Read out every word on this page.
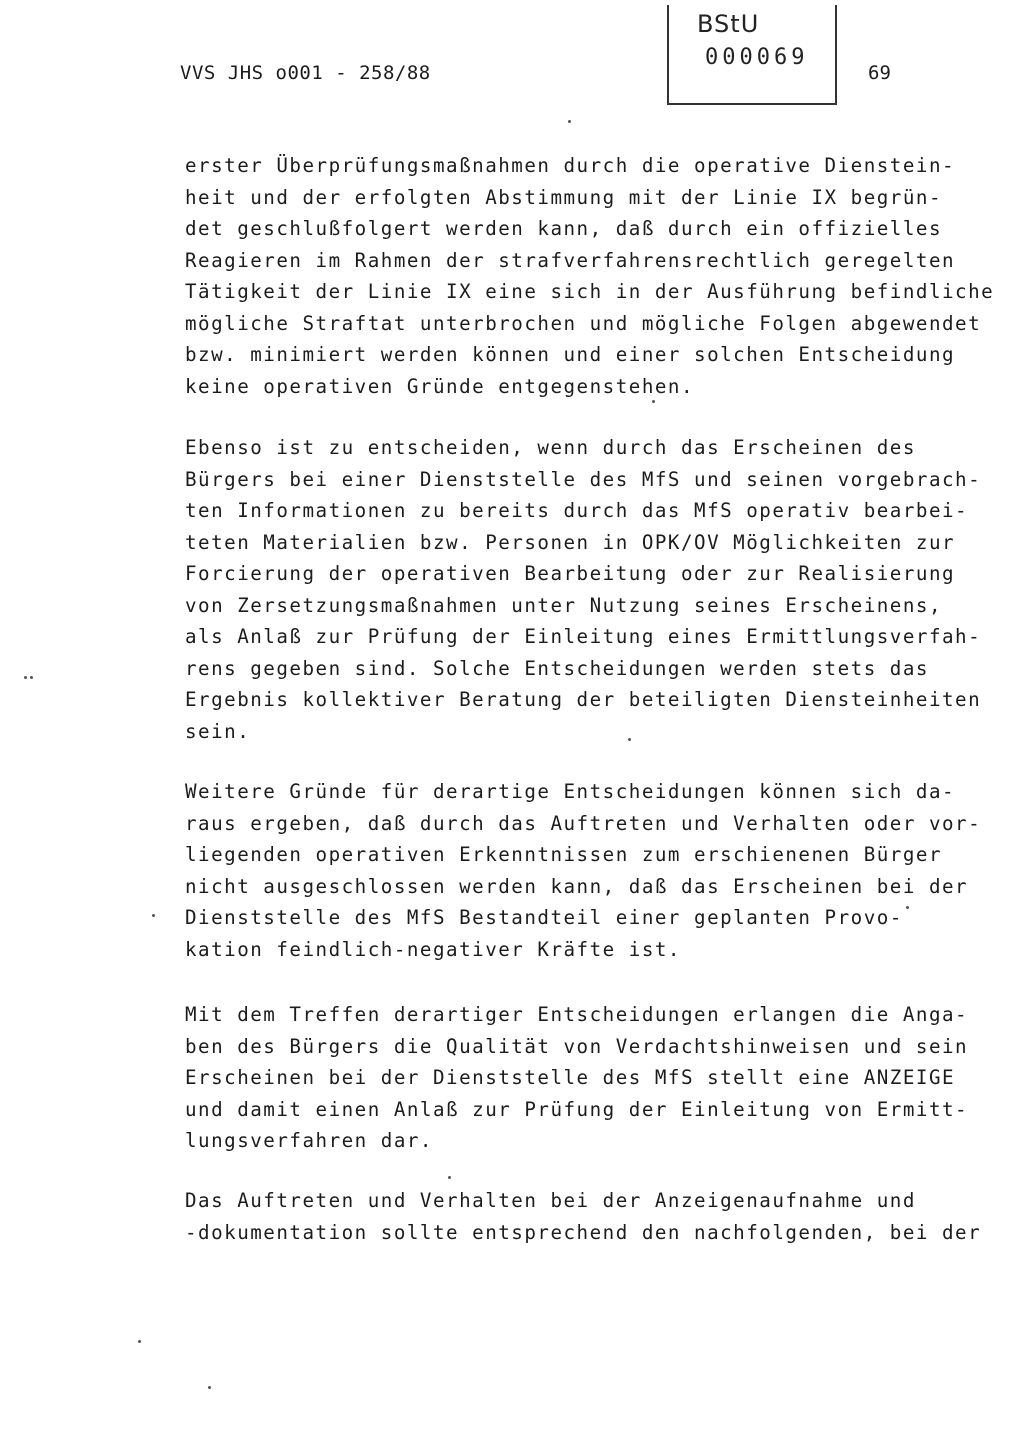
VVS JHS o001 - 258/88
BStU
000069
69
erster Überprüfungsmaßnahmen durch die operative Dienstein-
heit und der erfolgten Abstimmung mit der Linie IX begrün-
det geschlußfolgert werden kann, daß durch ein offizielles
Reagieren im Rahmen der strafverfahrensrechtlich geregelten
Tätigkeit der Linie IX eine sich in der Ausführung befindliche
mögliche Straftat unterbrochen und mögliche Folgen abgewendet
bzw. minimiert werden können und einer solchen Entscheidung
keine operativen Gründe entgegenstehen.
Ebenso ist zu entscheiden, wenn durch das Erscheinen des
Bürgers bei einer Dienststelle des MfS und seinen vorgebrach-
ten Informationen zu bereits durch das MfS operativ bearbei-
teten Materialien bzw. Personen in OPK/OV Möglichkeiten zur
Forcierung der operativen Bearbeitung oder zur Realisierung
von Zersetzungsmaßnahmen unter Nutzung seines Erscheinens,
als Anlaß zur Prüfung der Einleitung eines Ermittlungsverfah-
rens gegeben sind. Solche Entscheidungen werden stets das
Ergebnis kollektiver Beratung der beteiligten Diensteinheiten
sein.
Weitere Gründe für derartige Entscheidungen können sich da-
raus ergeben, daß durch das Auftreten und Verhalten oder vor-
liegenden operativen Erkenntnissen zum erschienenen Bürger
nicht ausgeschlossen werden kann, daß das Erscheinen bei der
Dienststelle des MfS Bestandteil einer geplanten Provo-
kation feindlich-negativer Kräfte ist.
Mit dem Treffen derartiger Entscheidungen erlangen die Anga-
ben des Bürgers die Qualität von Verdachtshinweisen und sein
Erscheinen bei der Dienststelle des MfS stellt eine ANZEIGE
und damit einen Anlaß zur Prüfung der Einleitung von Ermitt-
lungsverfahren dar.
Das Auftreten und Verhalten bei der Anzeigenaufnahme und
-dokumentation sollte entsprechend den nachfolgenden, bei der
